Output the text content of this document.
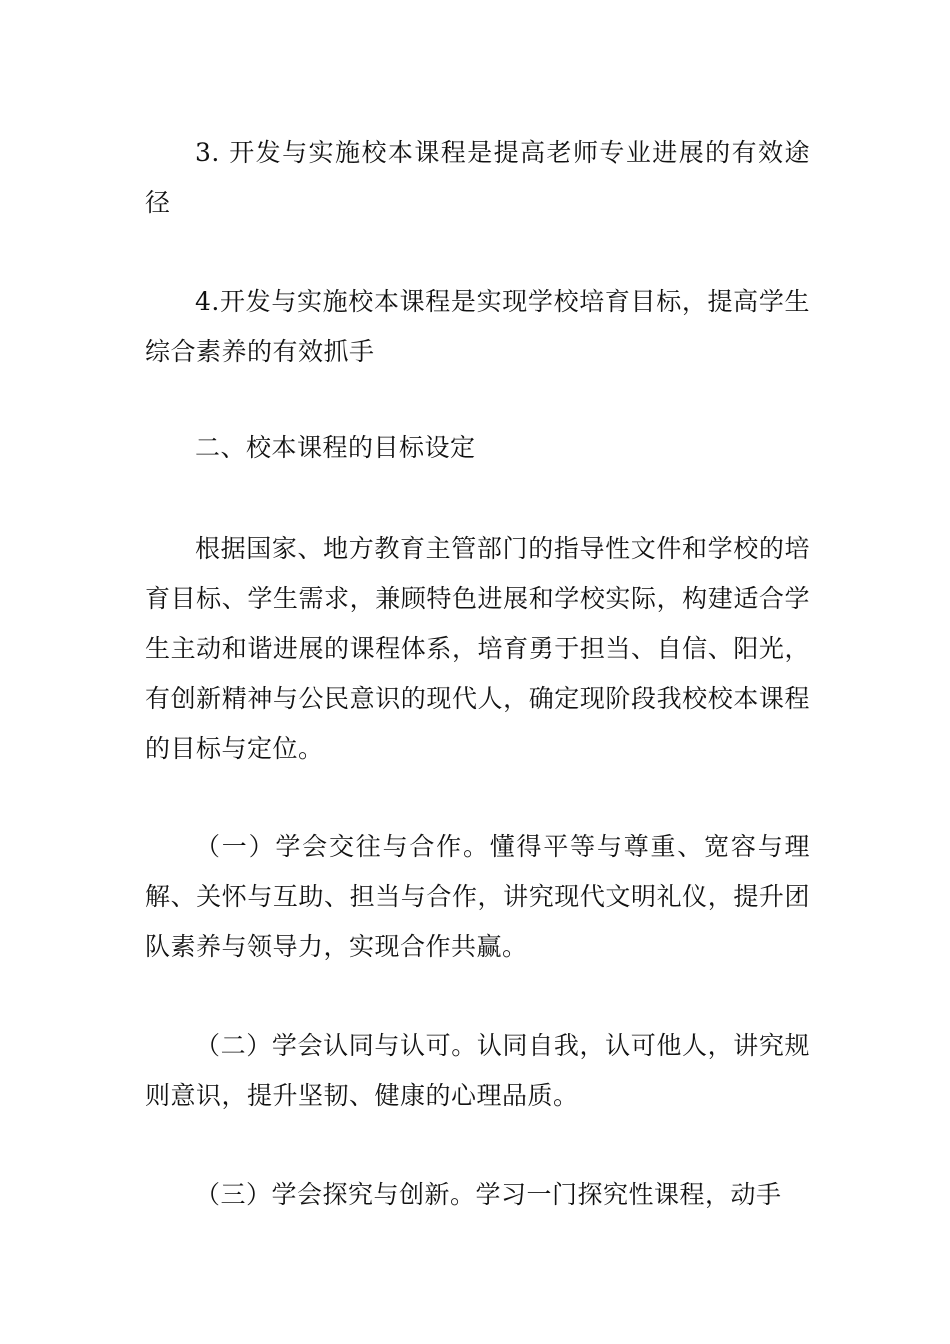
3. 开发与实施校本课程是提高老师专业进展的有效途径

4.开发与实施校本课程是实现学校培育目标，提高学生综合素养的有效抓手

二、校本课程的目标设定

根据国家、地方教育主管部门的指导性文件和学校的培育目标、学生需求，兼顾特色进展和学校实际，构建适合学生主动和谐进展的课程体系，培育勇于担当、自信、阳光，有创新精神与公民意识的现代人，确定现阶段我校校本课程的目标与定位。

（一）学会交往与合作。懂得平等与尊重、宽容与理解、关怀与互助、担当与合作，讲究现代文明礼仪，提升团队素养与领导力，实现合作共赢。

（二）学会认同与认可。认同自我，认可他人，讲究规则意识，提升坚韧、健康的心理品质。

（三）学会探究与创新。学习一门探究性课程，动手
